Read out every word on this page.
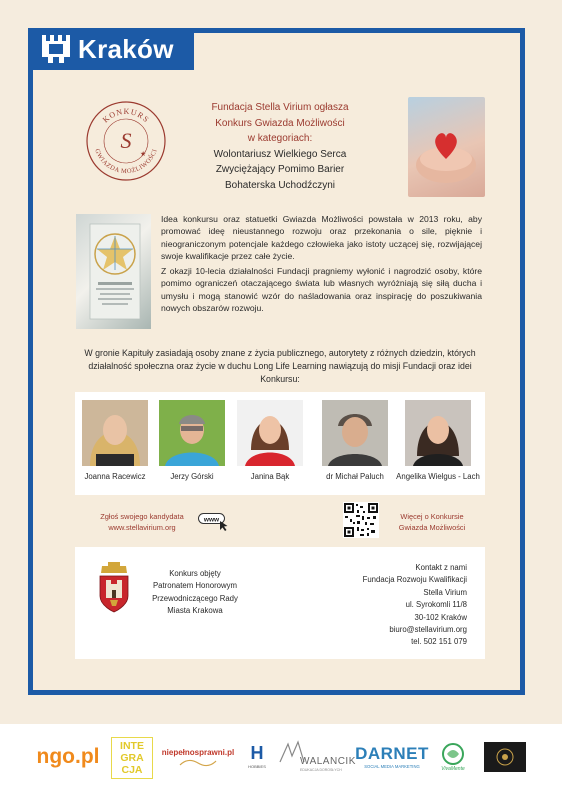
Kraków
KONKURS
GWIAZDA MOŻLIWOŚCI
S
★
Fundacja Stella Virium ogłasza
Konkurs Gwiazda Możliwości
w kategoriach:
Wolontariusz Wielkiego Serca
Zwyciężający Pomimo Barier
Bohaterska Uchodźczyni

Idea konkursu oraz statuetki Gwiazda Możliwości powstała w 2013 roku, aby promować ideę nieustannego rozwoju oraz przekonania o sile, pięknie i nieograniczonym potencjale każdego człowieka jako istoty uczącej się, rozwijającej swoje kwalifikacje przez całe życie.

Z okazji 10-lecia działalności Fundacji pragniemy wyłonić i nagrodzić osoby, które pomimo ograniczeń otaczającego świata lub własnych wyróżniają się siłą ducha i umysłu i mogą stanowić wzór do naśladowania oraz inspirację do poszukiwania nowych obszarów rozwoju.

W gronie Kapituły zasiadają osoby znane z życia publicznego, autorytety z różnych dziedzin, których działalność społeczna oraz życie w duchu Long Life Learning nawiązują do misji Fundacji oraz idei Konkursu:
Joanna Racewicz	Jerzy Górski	Janina Bąk	dr Michał Paluch	Angelika Wielgus - Lach
Zgłoś swojego kandydata
www.stellavirium.org
www	Więcej o Konkursie
Gwiazda Możliwości
Konkurs objęty
Patronatem Honorowym
Przewodniczącego Rady
Miasta Krakowa
Kontakt z nami
Fundacja Rozwoju Kwalifikacji
Stella Virium
ul. Syrokomli 11/8
30-102 Kraków
biuro@stellavirium.org
tel. 502 151 079
ngo.pl INTE
GRA
CJA
niepełnosprawni.pl H
HOBBIES	WALANCIK
EDUKACJA DOROSŁYCH
DARNET
SOCIAL MEDIA MARKETING	VivaMente
